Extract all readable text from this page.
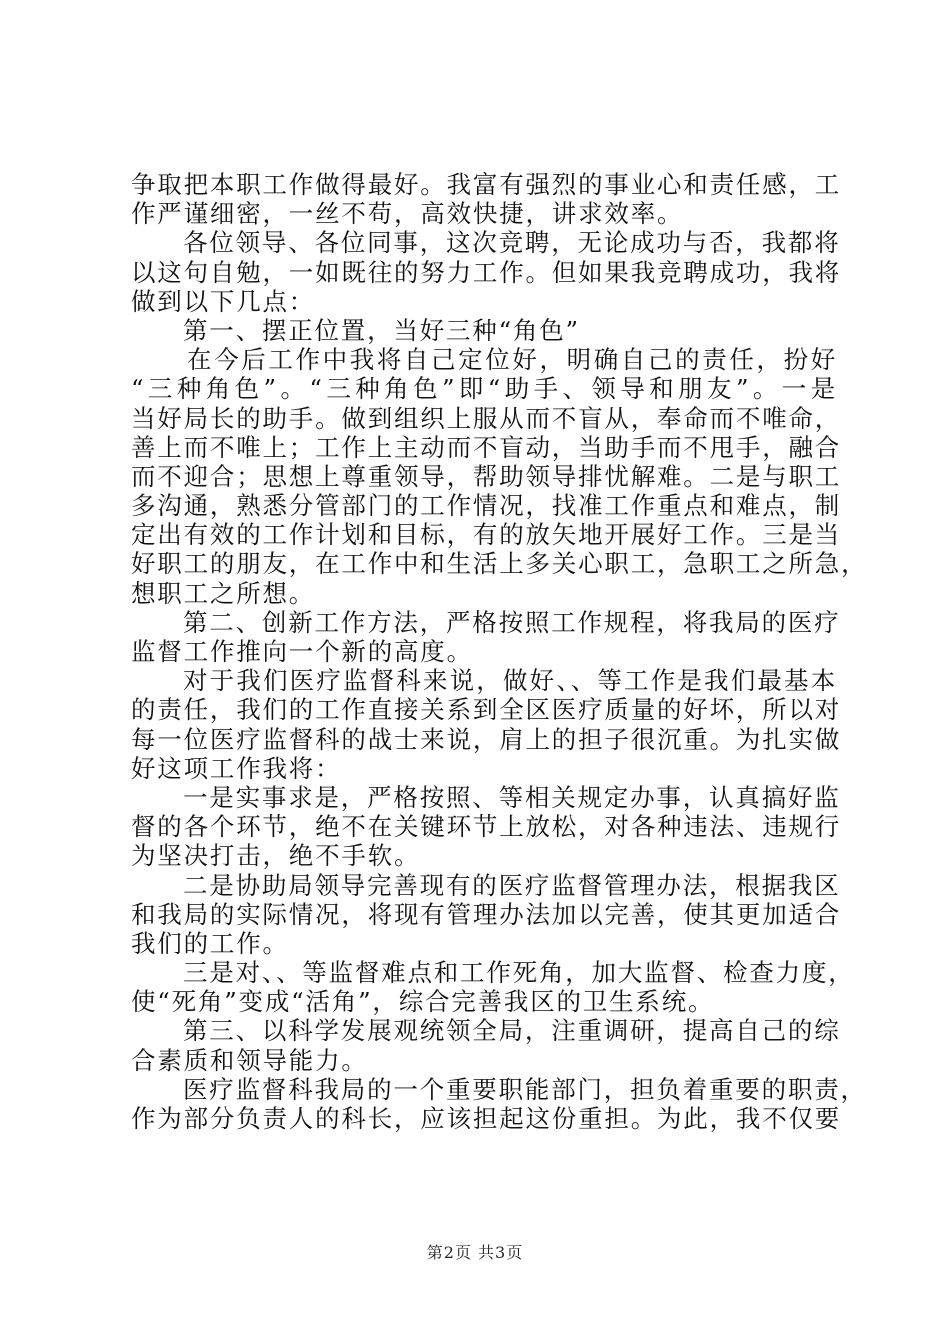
争取把本职工作做得最好。我富有强烈的事业心和责任感，工
作严谨细密，一丝不苟，高效快捷，讲求效率。
各位领导、各位同事，这次竞聘，无论成功与否，我都将
以这句自勉，一如既往的努力工作。但如果我竞聘成功，我将
做到以下几点：
第一、摆正位置，当好三种“角色”
在今后工作中我将自己定位好，明确自己的责任，扮好
“三种角色”。“三种角色”即“助手、领导和朋友”。一是
当好局长的助手。做到组织上服从而不盲从，奉命而不唯命，
善上而不唯上；工作上主动而不盲动，当助手而不甩手，融合
而不迎合；思想上尊重领导，帮助领导排忧解难。二是与职工
多沟通，熟悉分管部门的工作情况，找准工作重点和难点，制
定出有效的工作计划和目标，有的放矢地开展好工作。三是当
好职工的朋友，在工作中和生活上多关心职工，急职工之所急，
想职工之所想。
第二、创新工作方法，严格按照工作规程，将我局的医疗
监督工作推向一个新的高度。
对于我们医疗监督科来说，做好、、等工作是我们最基本
的责任，我们的工作直接关系到全区医疗质量的好坏，所以对
每一位医疗监督科的战士来说，肩上的担子很沉重。为扎实做
好这项工作我将：
一是实事求是，严格按照、等相关规定办事，认真搞好监
督的各个环节，绝不在关键环节上放松，对各种违法、违规行
为坚决打击，绝不手软。
二是协助局领导完善现有的医疗监督管理办法，根据我区
和我局的实际情况，将现有管理办法加以完善，使其更加适合
我们的工作。
三是对、、等监督难点和工作死角，加大监督、检查力度，
使“死角”变成“活角”，综合完善我区的卫生系统。
第三、以科学发展观统领全局，注重调研，提高自己的综
合素质和领导能力。
医疗监督科我局的一个重要职能部门，担负着重要的职责，
作为部分负责人的科长，应该担起这份重担。为此，我不仅要
第2页 共3页
